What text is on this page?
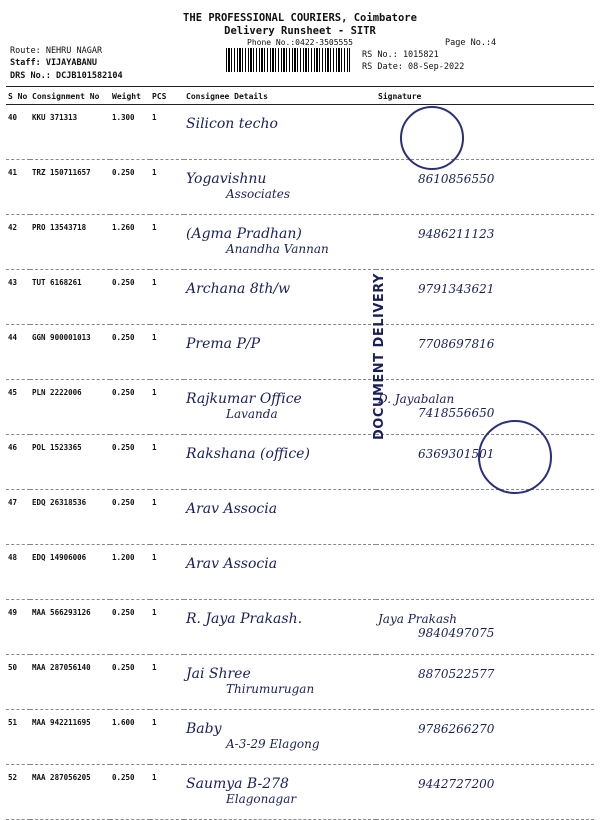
THE PROFESSIONAL COURIERS, Coimbatore
Delivery Runsheet - SITR
Phone No.:0422-3505555	Page No.:4
Route: NEHRU NAGAR
Staff: VIJAYABANU
DRS No.: DCJB101582104
RS No.: 1015821
RS Date: 08-Sep-2022
S No	Consignment No	Weight	PCS	Consignee Details	Signature
40	KKU 371313	1.300	1	Silicon techo	
41	TRZ 150711657	0.250	1	Yogavishnu
Associates	8610856550

42	PRO 13543718	1.260	1	(Agma Pradhan)
Anandha Vannan	9486211123

43	TUT 6168261	0.250	1	Archana 8th/w	9791343621

44	GGN 900001013	0.250	1	Prema P/P	7708697816

45	PLN 2222006	0.250	1	Rajkumar Office
Lavanda	D. Jayabalan
7418556650

46	POL 1523365	0.250	1	Rakshana (office)	6369301501

47	EDQ 26318536	0.250	1	Arav Associa	
48	EDQ 14906006	1.200	1	Arav Associa	
49	MAA 566293126	0.250	1	R. Jaya Prakash.	Jaya Prakash
9840497075

50	MAA 287056140	0.250	1	Jai Shree
Thirumurugan	8870522577

51	MAA 942211695	1.600	1	Baby
A-3-29 Elagong	9786266270

52	MAA 287056205	0.250	1	Saumya B-278
Elagonagar	9442727200
DOCUMENT DELIVERY
